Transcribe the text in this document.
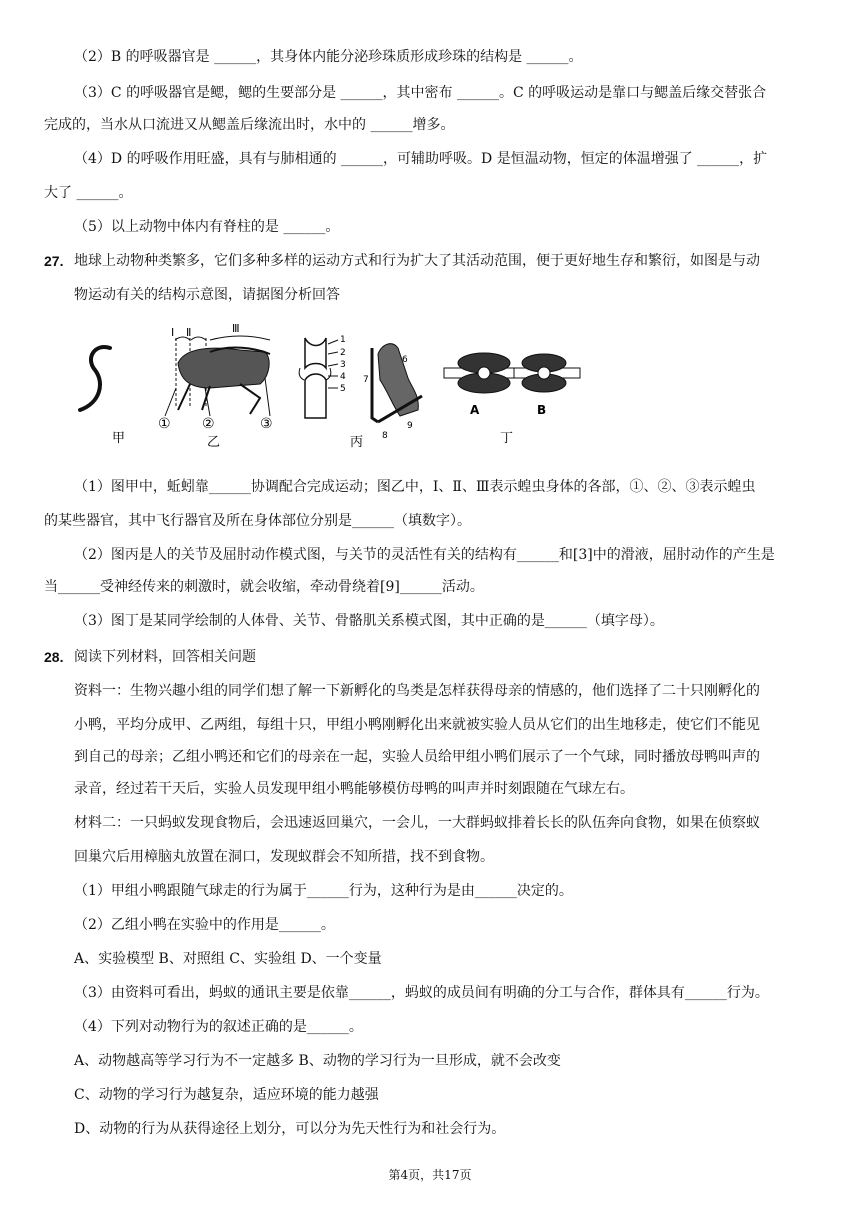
（2）B 的呼吸器官是 ______，其身体内能分泌珍珠质形成珍珠的结构是 ______。
（3）C 的呼吸器官是鳃，鳃的生要部分是 ______，其中密布 ______。C 的呼吸运动是靠口与鳃盖后缘交替张合
完成的，当水从口流进又从鳃盖后缘流出时，水中的 ______增多。
（4）D 的呼吸作用旺盛，具有与肺相通的 ______，可辅助呼吸。D 是恒温动物，恒定的体温增强了 ______，扩
大了 ______。
（5）以上动物中体内有脊柱的是 ______。
27. 地球上动物种类繁多，它们多种多样的运动方式和行为扩大了其活动范围，便于更好地生存和繁衍，如图是与动
物运动有关的结构示意图，请据图分析回答
甲
Ⅰ Ⅱ	Ⅲ
① ②	③
乙
1
2
3
4
5
6
7
8
9
丙
A	B
丁
（1）图甲中，蚯蚓靠______协调配合完成运动；图乙中，Ⅰ、Ⅱ、Ⅲ表示蝗虫身体的各部，①、②、③表示蝗虫
的某些器官，其中飞行器官及所在身体部位分别是______（填数字）。
（2）图丙是人的关节及屈肘动作模式图，与关节的灵活性有关的结构有______和[3]中的滑液，屈肘动作的产生是
当______受神经传来的刺激时，就会收缩，牵动骨绕着[9]______活动。
（3）图丁是某同学绘制的人体骨、关节、骨骼肌关系模式图，其中正确的是______（填字母）。
28. 阅读下列材料，回答相关问题
资料一：生物兴趣小组的同学们想了解一下新孵化的鸟类是怎样获得母亲的情感的，他们选择了二十只刚孵化的
小鸭，平均分成甲、乙两组，每组十只，甲组小鸭刚孵化出来就被实验人员从它们的出生地移走，使它们不能见
到自己的母亲；乙组小鸭还和它们的母亲在一起，实验人员给甲组小鸭们展示了一个气球，同时播放母鸭叫声的
录音，经过若干天后，实验人员发现甲组小鸭能够模仿母鸭的叫声并时刻跟随在气球左右。
材料二：一只蚂蚁发现食物后，会迅速返回巢穴，一会儿，一大群蚂蚁排着长长的队伍奔向食物，如果在侦察蚁
回巢穴后用樟脑丸放置在洞口，发现蚁群会不知所措，找不到食物。
（1）甲组小鸭跟随气球走的行为属于______行为，这种行为是由______决定的。
（2）乙组小鸭在实验中的作用是______。
A、实验模型 B、对照组 C、实验组 D、一个变量
（3）由资料可看出，蚂蚁的通讯主要是依靠______，蚂蚁的成员间有明确的分工与合作，群体具有______行为。
（4）下列对动物行为的叙述正确的是______。
A、动物越高等学习行为不一定越多 B、动物的学习行为一旦形成，就不会改变
C、动物的学习行为越复杂，适应环境的能力越强
D、动物的行为从获得途径上划分，可以分为先天性行为和社会行为。
第4页，共17页
